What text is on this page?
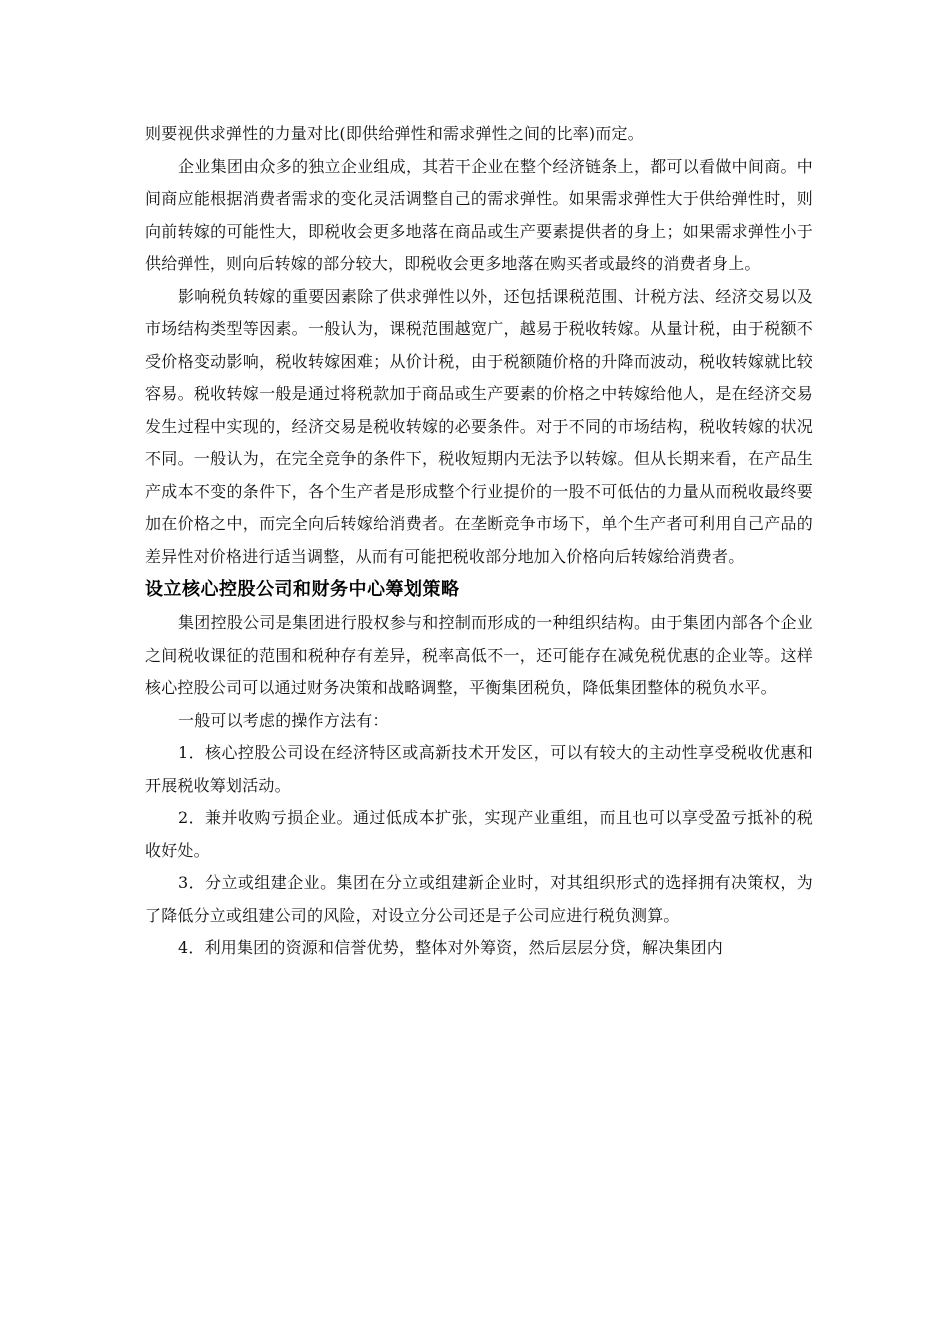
则要视供求弹性的力量对比(即供给弹性和需求弹性之间的比率)而定。

企业集团由众多的独立企业组成，其若干企业在整个经济链条上，都可以看做中间商。中间商应能根据消费者需求的变化灵活调整自己的需求弹性。如果需求弹性大于供给弹性时，则向前转嫁的可能性大，即税收会更多地落在商品或生产要素提供者的身上；如果需求弹性小于供给弹性，则向后转嫁的部分较大，即税收会更多地落在购买者或最终的消费者身上。

影响税负转嫁的重要因素除了供求弹性以外，还包括课税范围、计税方法、经济交易以及市场结构类型等因素。一般认为，课税范围越宽广，越易于税收转嫁。从量计税，由于税额不受价格变动影响，税收转嫁困难；从价计税，由于税额随价格的升降而波动，税收转嫁就比较容易。税收转嫁一般是通过将税款加于商品或生产要素的价格之中转嫁给他人，是在经济交易发生过程中实现的，经济交易是税收转嫁的必要条件。对于不同的市场结构，税收转嫁的状况不同。一般认为，在完全竞争的条件下，税收短期内无法予以转嫁。但从长期来看，在产品生产成本不变的条件下，各个生产者是形成整个行业提价的一股不可低估的力量从而税收最终要加在价格之中，而完全向后转嫁给消费者。在垄断竞争市场下，单个生产者可利用自己产品的差异性对价格进行适当调整，从而有可能把税收部分地加入价格向后转嫁给消费者。

设立核心控股公司和财务中心筹划策略

集团控股公司是集团进行股权参与和控制而形成的一种组织结构。由于集团内部各个企业之间税收课征的范围和税种存有差异，税率高低不一，还可能存在减免税优惠的企业等。这样核心控股公司可以通过财务决策和战略调整，平衡集团税负，降低集团整体的税负水平。

一般可以考虑的操作方法有：

1．核心控股公司设在经济特区或高新技术开发区，可以有较大的主动性享受税收优惠和开展税收筹划活动。

2．兼并收购亏损企业。通过低成本扩张，实现产业重组，而且也可以享受盈亏抵补的税收好处。

3．分立或组建企业。集团在分立或组建新企业时，对其组织形式的选择拥有决策权，为了降低分立或组建公司的风险，对设立分公司还是子公司应进行税负测算。

4．利用集团的资源和信誉优势，整体对外筹资，然后层层分贷，解决集团内
